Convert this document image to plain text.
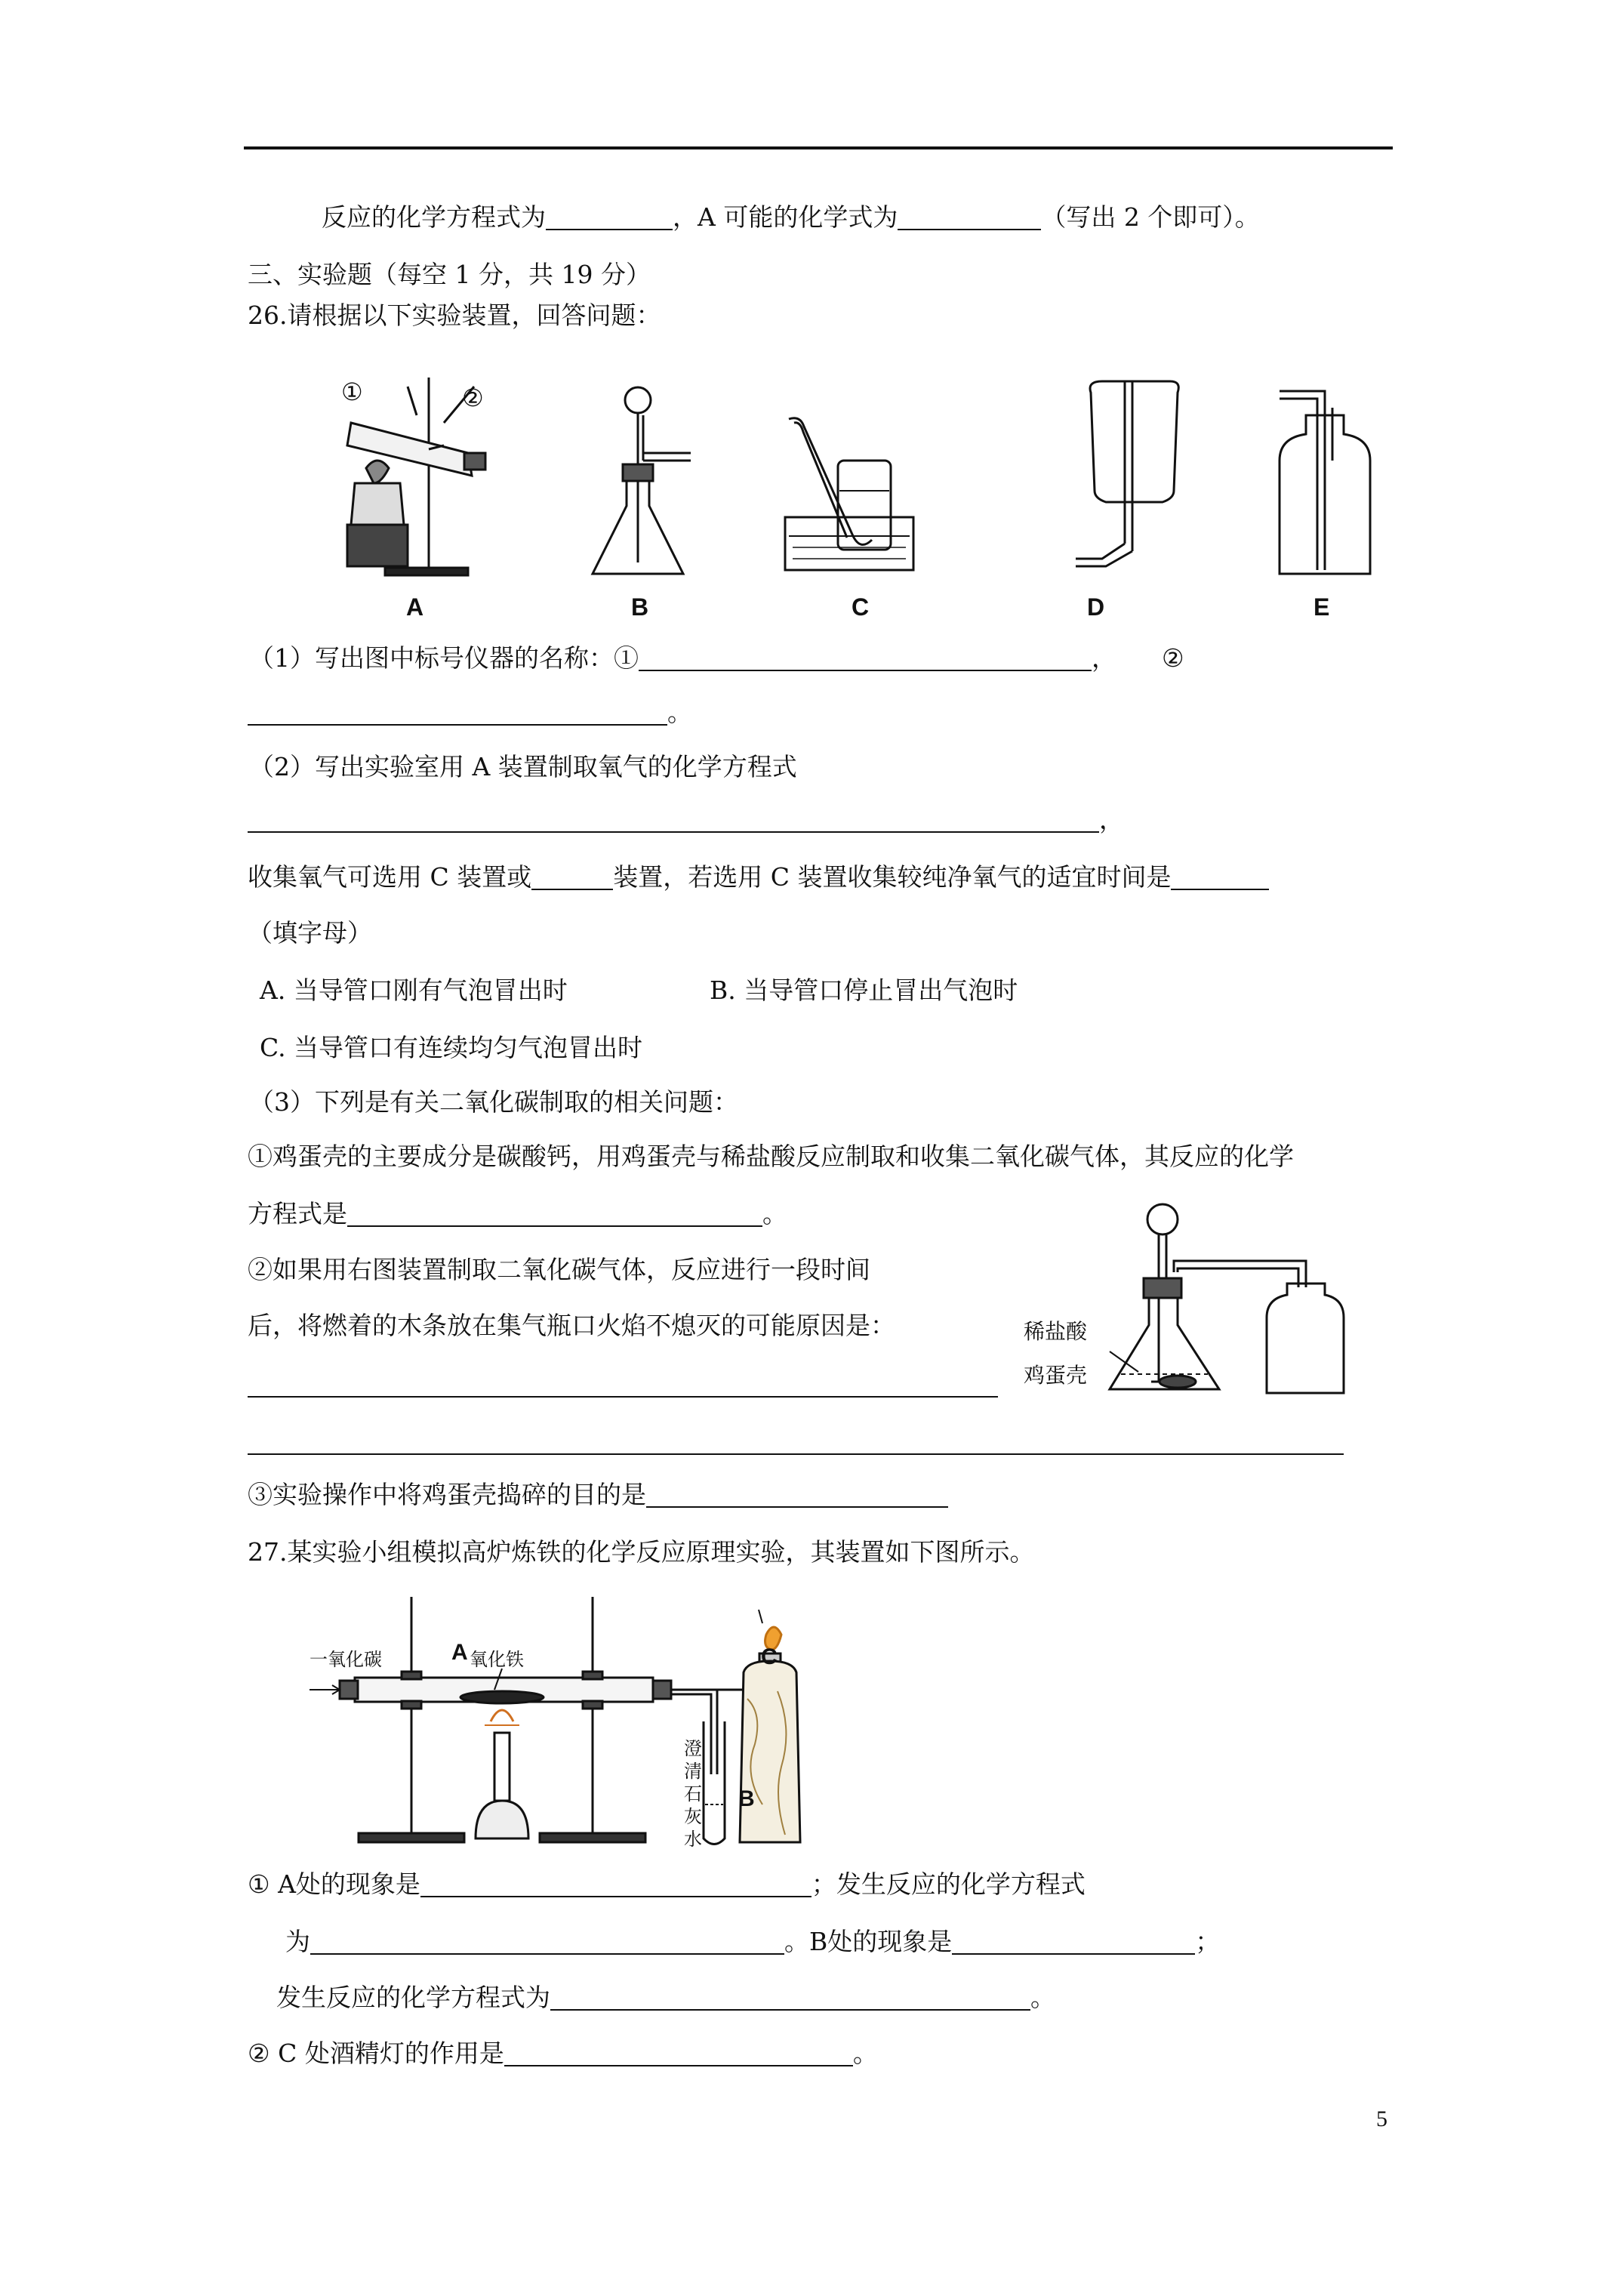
反应的化学方程式为	，A 可能的化学式为	（写出 2 个即可）。
三、实验题（每空 1 分，共 19 分）
26.请根据以下实验装置，回答问题：
①	②
A	B	C	D	E
（1）写出图中标号仪器的名称：①	， ②
。
（2）写出实验室用 A 装置制取氧气的化学方程式
，
收集氧气可选用 C 装置或	装置，若选用 C 装置收集较纯净氧气的适宜时间是
（填字母）
A. 当导管口刚有气泡冒出时	B. 当导管口停止冒出气泡时
C. 当导管口有连续均匀气泡冒出时
（3）下列是有关二氧化碳制取的相关问题：
①鸡蛋壳的主要成分是碳酸钙，用鸡蛋壳与稀盐酸反应制取和收集二氧化碳气体，其反应的化学
方程式是	。
②如果用右图装置制取二氧化碳气体，反应进行一段时间
后，将燃着的木条放在集气瓶口火焰不熄灭的可能原因是：	稀盐酸
鸡蛋壳
③实验操作中将鸡蛋壳捣碎的目的是
27.某实验小组模拟高炉炼铁的化学反应原理实验，其装置如下图所示。
一氧化碳	A 氧化铁	C
B
澄
清
石
灰
水
① A处的现象是	；发生反应的化学方程式
为	。B处的现象是	；
发生反应的化学方程式为	。
② C 处酒精灯的作用是	。
5
